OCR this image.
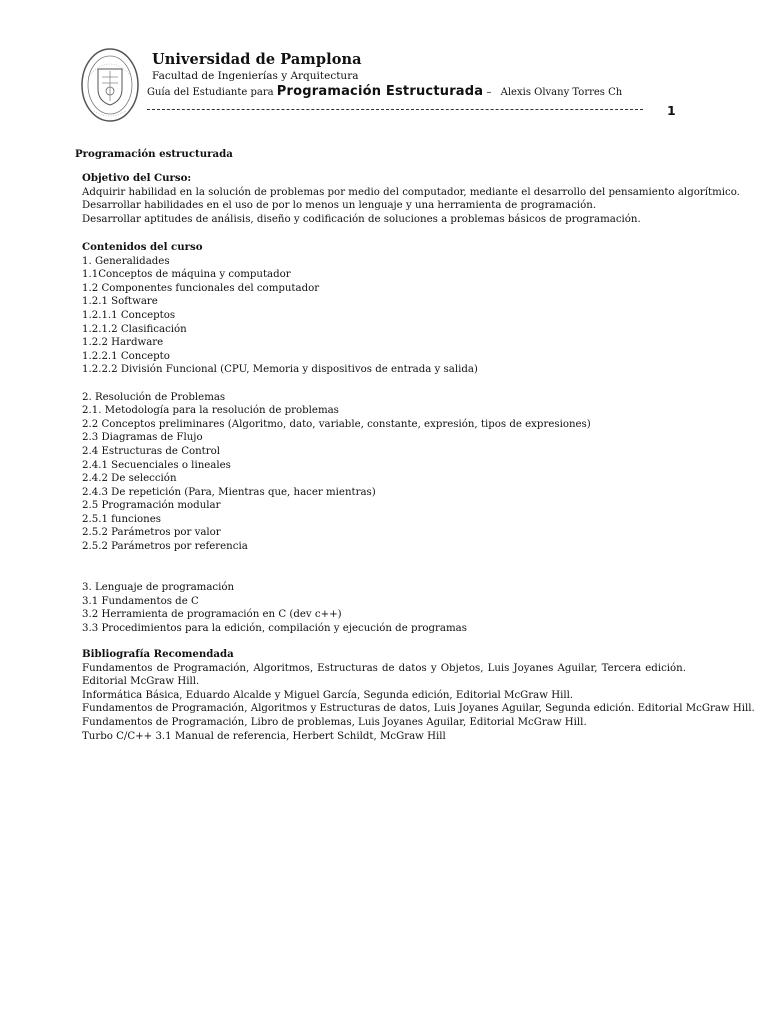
Universidad de Pamplona
Facultad de Ingenierías y Arquitectura
Guía del Estudiante para Programación Estructurada – Alexis Olvany Torres Ch
1
Programación estructurada
Objetivo del Curso:
Adquirir habilidad en la solución de problemas por medio del computador, mediante el desarrollo del pensamiento algorítmico.
Desarrollar habilidades en el uso de por lo menos un lenguaje y una herramienta de programación.
Desarrollar aptitudes de análisis, diseño y codificación de soluciones a problemas básicos de programación.
Contenidos del curso
1. Generalidades
1.1Conceptos de máquina y computador
1.2 Componentes funcionales del computador
1.2.1 Software
1.2.1.1 Conceptos
1.2.1.2 Clasificación
1.2.2 Hardware
1.2.2.1 Concepto
1.2.2.2 División Funcional (CPU, Memoria y dispositivos de entrada y salida)
2. Resolución de Problemas
2.1. Metodología para la resolución de problemas
2.2 Conceptos preliminares (Algoritmo, dato, variable, constante, expresión, tipos de expresiones)
2.3 Diagramas de Flujo
2.4 Estructuras de Control
2.4.1 Secuenciales o lineales
2.4.2 De selección
2.4.3 De repetición (Para, Mientras que, hacer mientras)
2.5 Programación modular
2.5.1 funciones
2.5.2 Parámetros por valor
2.5.2 Parámetros por referencia
3. Lenguaje de programación
3.1 Fundamentos de C
3.2 Herramienta de programación en C (dev c++)
3.3 Procedimientos para la edición, compilación y ejecución de programas
Bibliografía Recomendada
Fundamentos de Programación, Algoritmos, Estructuras de datos y Objetos, Luis Joyanes Aguilar, Tercera edición. Editorial McGraw Hill.
Informática Básica, Eduardo Alcalde y Miguel García, Segunda edición, Editorial McGraw Hill.
Fundamentos de Programación, Algoritmos y Estructuras de datos, Luis Joyanes Aguilar, Segunda edición. Editorial McGraw Hill.
Fundamentos de Programación, Libro de problemas, Luis Joyanes Aguilar, Editorial McGraw Hill.
Turbo C/C++ 3.1 Manual de referencia, Herbert Schildt, McGraw Hill
